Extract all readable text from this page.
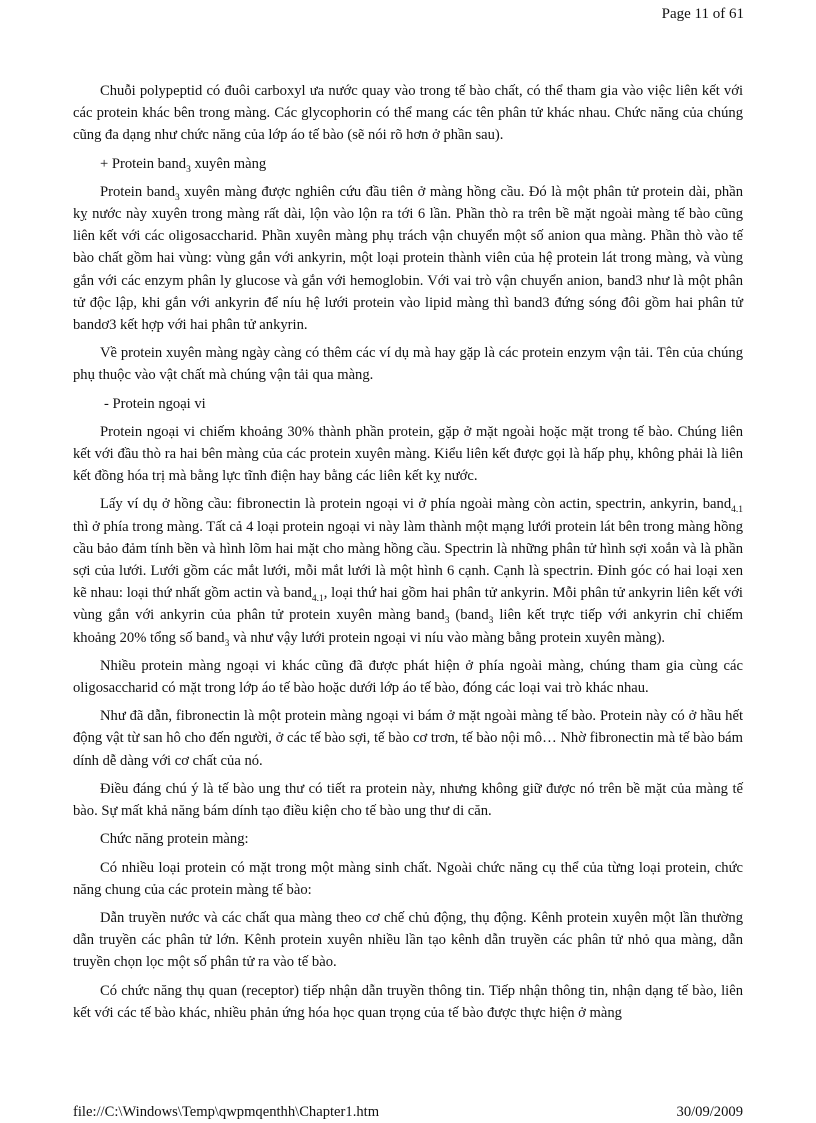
Page 11 of 61

Chuỗi polypeptid có đuôi carboxyl ưa nước quay vào trong tế bào chất, có thể tham gia vào việc liên kết với các protein khác bên trong màng. Các glycophorin có thể mang các tên phân tử khác nhau. Chức năng của chúng cũng đa dạng như chức năng của lớp áo tế bào (sẽ nói rõ hơn ở phần sau).

+ Protein band$_3$ xuyên màng

Protein band$_3$ xuyên màng được nghiên cứu đầu tiên ở màng hồng cầu. Đó là một phân tử protein dài, phần kỵ nước này xuyên trong màng rất dài, lộn vào lộn ra tới 6 lần. Phần thò ra trên bề mặt ngoài màng tế bào cũng liên kết với các oligosaccharid. Phần xuyên màng phụ trách vận chuyển một số anion qua màng. Phần thò vào tế bào chất gồm hai vùng: vùng gắn với ankyrin, một loại protein thành viên của hệ protein lát trong màng, và vùng gắn với các enzym phân ly glucose và gắn với hemoglobin. Với vai trò vận chuyển anion, band3 như là một phân tử độc lập, khi gắn với ankyrin để níu hệ lưới protein vào lipid màng thì band3 đứng sóng đôi gồm hai phân tử bandơ3 kết hợp với hai phân tử ankyrin.

Về protein xuyên màng ngày càng có thêm các ví dụ mà hay gặp là các protein enzym vận tải. Tên của chúng phụ thuộc vào vật chất mà chúng vận tải qua màng.

- Protein ngoại vi

Protein ngoại vi chiếm khoảng 30% thành phần protein, gặp ở mặt ngoài hoặc mặt trong tế bào. Chúng liên kết với đầu thò ra hai bên màng của các protein xuyên màng. Kiểu liên kết được gọi là hấp phụ, không phải là liên kết đồng hóa trị mà bằng lực tĩnh điện hay bằng các liên kết kỵ nước.

Lấy ví dụ ở hồng cầu: fibronectin là protein ngoại vi ở phía ngoài màng còn actin, spectrin, ankyrin, band$_{4.1}$ thì ở phía trong màng. Tất cả 4 loại protein ngoại vi này làm thành một mạng lưới protein lát bên trong màng hồng cầu bảo đảm tính bền và hình lõm hai mặt cho màng hồng cầu. Spectrin là những phân tử hình sợi xoắn và là phần sợi của lưới. Lưới gồm các mắt lưới, mỗi mắt lưới là một hình 6 cạnh. Cạnh là spectrin. Đỉnh góc có hai loại xen kẽ nhau: loại thứ nhất gồm actin và band$_{4.1}$, loại thứ hai gồm hai phân tử ankyrin. Mỗi phân tử ankyrin liên kết với vùng gắn với ankyrin của phân tử protein xuyên màng band$_3$ (band$_3$ liên kết trực tiếp với ankyrin chỉ chiếm khoảng 20% tổng số band$_3$ và như vậy lưới protein ngoại vi níu vào màng bằng protein xuyên màng).

Nhiều protein màng ngoại vi khác cũng đã được phát hiện ở phía ngoài màng, chúng tham gia cùng các oligosaccharid có mặt trong lớp áo tế bào hoặc dưới lớp áo tế bào, đóng các loại vai trò khác nhau.

Như đã dẫn, fibronectin là một protein màng ngoại vi bám ở mặt ngoài màng tế bào. Protein này có ở hầu hết động vật từ san hô cho đến người, ở các tế bào sợi, tế bào cơ trơn, tế bào nội mô… Nhờ fibronectin mà tế bào bám dính dễ dàng với cơ chất của nó.

Điều đáng chú ý là tế bào ung thư có tiết ra protein này, nhưng không giữ được nó trên bề mặt của màng tế bào. Sự mất khả năng bám dính tạo điều kiện cho tế bào ung thư di căn.

Chức năng protein màng:

Có nhiều loại protein có mặt trong một màng sinh chất. Ngoài chức năng cụ thể của từng loại protein, chức năng chung của các protein màng tế bào:

Dẫn truyền nước và các chất qua màng theo cơ chế chủ động, thụ động. Kênh protein xuyên một lần thường dẫn truyền các phân tử lớn. Kênh protein xuyên nhiều lần tạo kênh dẫn truyền các phân tử nhỏ qua màng, dẫn truyền chọn lọc một số phân tử ra vào tế bào.

Có chức năng thụ quan (receptor) tiếp nhận dẫn truyền thông tin. Tiếp nhận thông tin, nhận dạng tế bào, liên kết với các tế bào khác, nhiều phản ứng hóa học quan trọng của tế bào được thực hiện ở màng

file://C:\Windows\Temp\qwpmqenthh\Chapter1.htm	30/09/2009
